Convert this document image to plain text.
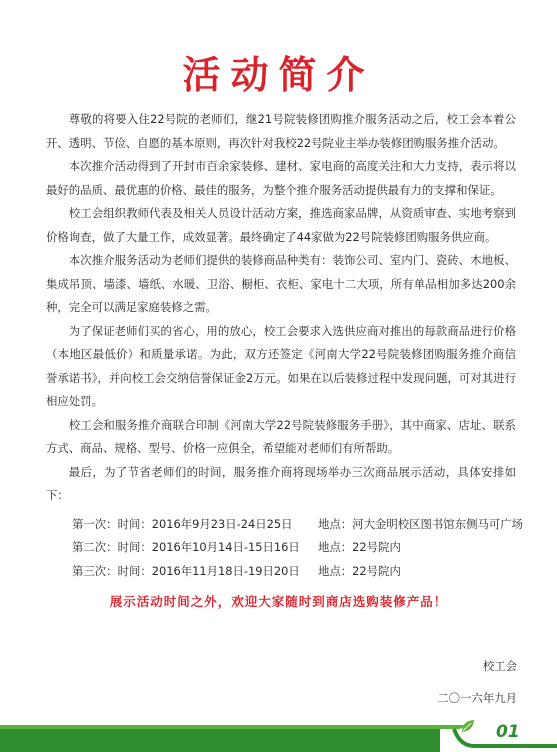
活动简介

尊敬的将要入住22号院的老师们，继21号院装修团购推介服务活动之后，校工会本着公开、透明、节俭、自愿的基本原则，再次针对我校22号院业主举办装修团购服务推介活动。

本次推介活动得到了开封市百余家装修、建材、家电商的高度关注和大力支持，表示将以最好的品质、最优惠的价格、最佳的服务，为整个推介服务活动提供最有力的支撑和保证。

校工会组织教师代表及相关人员设计活动方案，推选商家品牌，从资质审查、实地考察到价格询查，做了大量工作，成效显著。最终确定了44家做为22号院装修团购服务供应商。

本次推介服务活动为老师们提供的装修商品种类有：装饰公司、室内门、瓷砖、木地板、集成吊顶、墙漆、墙纸、水暖、卫浴、橱柜、衣柜、家电十二大项，所有单品相加多达200余种，完全可以满足家庭装修之需。

为了保证老师们买的省心，用的放心，校工会要求入选供应商对推出的每款商品进行价格（本地区最低价）和质量承诺。为此，双方还签定《河南大学22号院装修团购服务推介商信誉承诺书》，并向校工会交纳信誉保证金2万元。如果在以后装修过程中发现问题，可对其进行相应处罚。

校工会和服务推介商联合印制《河南大学22号院装修服务手册》，其中商家、店址、联系方式、商品、规格、型号、价格一应俱全，希望能对老师们有所帮助。

最后，为了节省老师们的时间，服务推介商将现场举办三次商品展示活动，具体安排如下：

第一次：时间：2016年9月23日-24日25日 地点：河大金明校区图书馆东侧马可广场
第二次：时间：2016年10月14日-15日16日 地点：22号院内
第三次：时间：2016年11月18日-19日20日 地点：22号院内
展示活动时间之外，欢迎大家随时到商店选购装修产品！
校工会
二〇一六年九月
01
